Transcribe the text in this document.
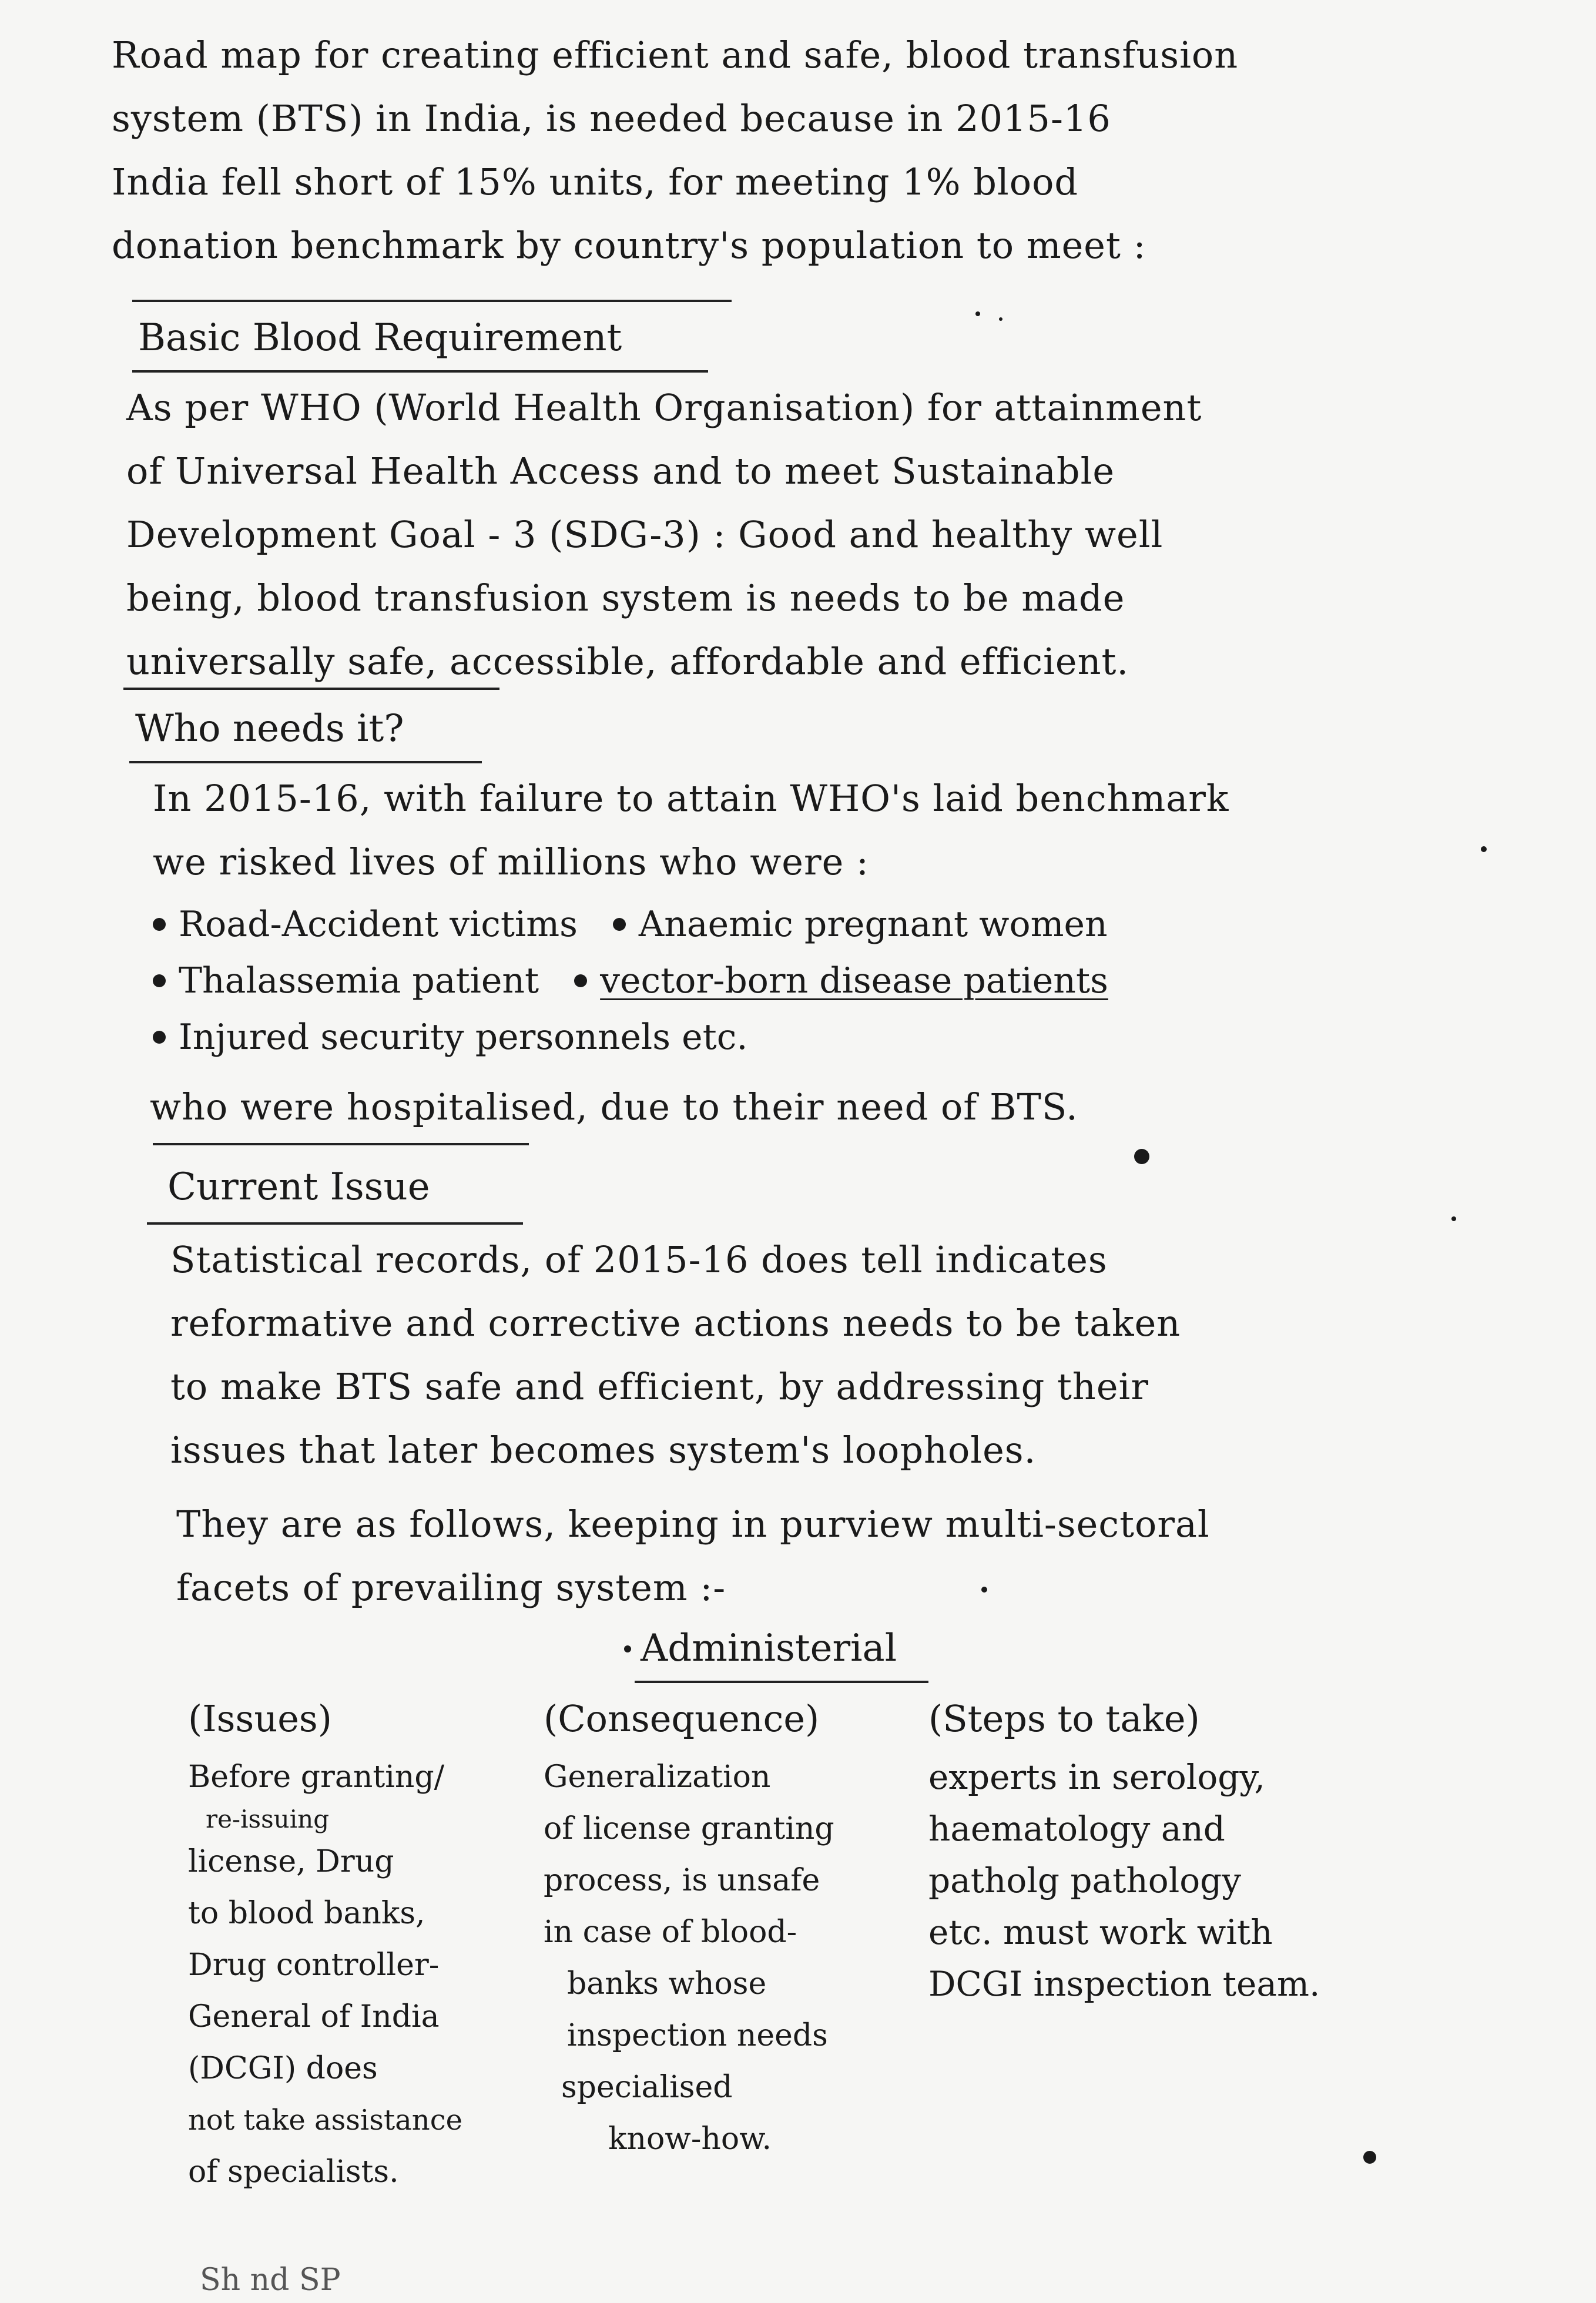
Road map for creating efficient and safe, blood transfusion
system (BTS) in India, is needed because in 2015-16
India fell short of 15% units, for meeting 1% blood
donation benchmark by country's population to meet :
Basic Blood Requirement
As per WHO (World Health Organisation) for attainment
of Universal Health Access and to meet Sustainable
Development Goal - 3 (SDG-3) : Good and healthy well
being, blood transfusion system is needs to be made
universally safe, accessible, affordable and efficient.
Who needs it?
In 2015-16, with failure to attain WHO's laid benchmark
we risked lives of millions who were :
Road-Accident victims Anaemic pregnant women
Thalassemia patient vector-born disease patients
Injured security personnels etc.
who were hospitalised, due to their need of BTS.
Current Issue
Statistical records, of 2015-16 does tell indicates
reformative and corrective actions needs to be taken
to make BTS safe and efficient, by addressing their
issues that later becomes system's loopholes.
They are as follows, keeping in purview multi-sectoral
facets of prevailing system :-
Administerial
(Issues)
Before granting/
re-issuing
license, Drug
to blood banks,
Drug controller-
General of India
(DCGI) does
not take assistance
of specialists.
(Consequence)
Generalization
of license granting
process, is unsafe
in case of blood-
banks whose
inspection needs
specialised
know-how.
(Steps to take)
experts in serology,
haematology and
patholg pathology
etc. must work with
DCGI inspection team.
Sh nd SP
